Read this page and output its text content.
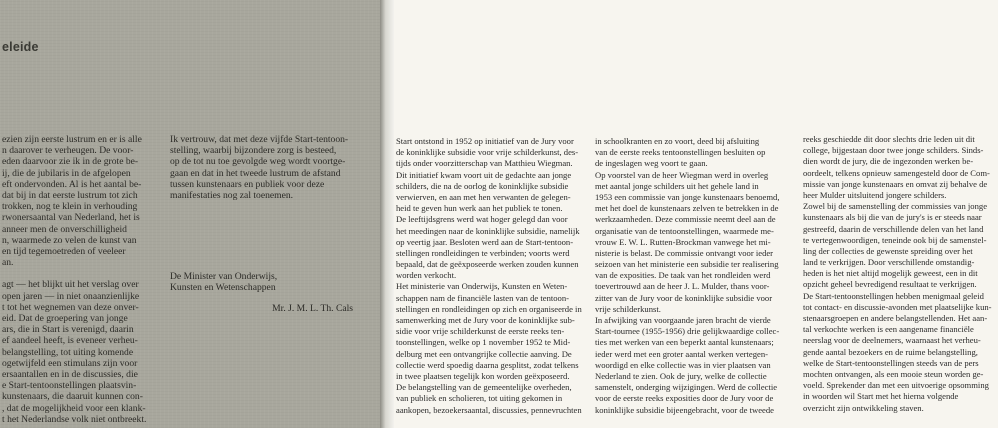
eleide
ezien zijn eerste lustrum en er is alle
n daarover te verheugen. De voor-
eden daarvoor zie ik in de grote be-
ij, die de jubilaris in de afgelopen
eft ondervonden. Al is het aantal be-
dat bij in dat eerste lustrum tot zich
trokken, nog te klein in verhouding
rwonersaantal van Nederland, het is
anneer men de onverschilligheid
n, waarmede zo velen de kunst van
en tijd tegemoetreden of veeleer
an.

agt — het blijkt uit het verslag over
open jaren — in niet onaanzienlijke
t tot het wegnemen van deze onver-
eid. Dat de groepering van jonge
ars, die in Start is verenigd, daarin
ef aandeel heeft, is eveneer verheu-
belangstelling, tot uiting komende
ogetwijfeld een stimulans zijn voor
ersaantallen en in de discussies, die
e Start-tentoonstellingen plaatsvin-
kunstenaars, die daaruit kunnen con-
, dat de mogelijkheid voor een klank-
t het Nederlandse volk niet ontbreekt.
Ik vertrouw, dat met deze vijfde Start-tentoon-
stelling, waarbij bijzondere zorg is besteed,
op de tot nu toe gevolgde weg wordt voortge-
gaan en dat in het tweede lustrum de afstand
tussen kunstenaars en publiek voor deze
manifestaties nog zal toenemen.
De Minister van Onderwijs,
Kunsten en Wetenschappen
Mr. J. M. L. Th. Cals
Start ontstond in 1952 op initiatief van de Jury voor
de koninklijke subsidie voor vrije schilderkunst, des-
tijds onder voorzitterschap van Matthieu Wiegman.
Dit initiatief kwam voort uit de gedachte aan jonge
schilders, die na de oorlog de koninklijke subsidie
verwierven, en aan met hen verwanten de gelegen-
heid te geven hun werk aan het publiek te tonen.
De leeftijdsgrens werd wat hoger gelegd dan voor
het meedingen naar de koninklijke subsidie, namelijk
op veertig jaar. Besloten werd aan de Start-tentoon-
stellingen rondleidingen te verbinden; voorts werd
bepaald, dat de geëxposeerde werken zouden kunnen
worden verkocht.
Het ministerie van Onderwijs, Kunsten en Weten-
schappen nam de financiële lasten van de tentoon-
stellingen en rondleidingen op zich en organiseerde in
samenwerking met de Jury voor de koninklijke sub-
sidie voor vrije schilderkunst de eerste reeks ten-
toonstellingen, welke op 1 november 1952 te Mid-
delburg met een ontvangrijke collectie aanving. De
collectie werd spoedig daarna gesplitst, zodat telkens
in twee plaatsen tegelijk kon worden geëxposeerd.
De belangstelling van de gemeentelijke overheden,
van publiek en scholieren, tot uiting gekomen in
aankopen, bezoekersaantal, discussies, pennevruchten
in schoolkranten en zo voort, deed bij afsluiting
van de eerste reeks tentoonstellingen besluiten op
de ingeslagen weg voort te gaan.
Op voorstel van de heer Wiegman werd in overleg
met aantal jonge schilders uit het gehele land in
1953 een commissie van jonge kunstenaars benoemd,
met het doel de kunstenaars zelven te betrekken in de
werkzaamheden. Deze commissie neemt deel aan de
organisatie van de tentoonstellingen, waarmede me-
vrouw E. W. L. Rutten-Brockman vanwege het mi-
nisterie is belast. De commissie ontvangt voor ieder
seizoen van het ministerie een subsidie ter realisering
van de exposities. De taak van het rondleiden werd
toevertrouwd aan de heer J. L. Mulder, thans voor-
zitter van de Jury voor de koninklijke subsidie voor
vrije schilderkunst.
In afwijking van voorgaande jaren bracht de vierde
Start-tournee (1955-1956) drie gelijkwaardige collec-
ties met werken van een beperkt aantal kunstenaars;
ieder werd met een groter aantal werken vertegen-
woordigd en elke collectie was in vier plaatsen van
Nederland te zien. Ook de jury, welke de collectie
samenstelt, onderging wijzigingen. Werd de collectie
voor de eerste reeks exposities door de Jury voor de
koninklijke subsidie bijeengebracht, voor de tweede
reeks geschiedde dit door slechts drie leden uit dit
college, bijgestaan door twee jonge schilders. Sinds-
dien wordt de jury, die de ingezonden werken be-
oordeelt, telkens opnieuw samengesteld door de Com-
missie van jonge kunstenaars en omvat zij behalve de
heer Mulder uitsluitend jongere schilders.
Zowel bij de samenstelling der commissies van jonge
kunstenaars als bij die van de jury's is er steeds naar
gestreefd, daarin de verschillende delen van het land
te vertegenwoordigen, teneinde ook bij de samenstel-
ling der collecties de gewenste spreiding over het
land te verkrijgen. Door verschillende omstandig-
heden is het niet altijd mogelijk geweest, een in dit
opzicht geheel bevredigend resultaat te verkrijgen.
De Start-tentoonstellingen hebben menigmaal geleid
tot contact- en discussie-avonden met plaatselijke kun-
stenaarsgroepen en andere belangstellenden. Het aan-
tal verkochte werken is een aangename financiële
neerslag voor de deelnemers, waarnaast het verheu-
gende aantal bezoekers en de ruime belangstelling,
welke de Start-tentoonstellingen steeds van de pers
mochten ontvangen, als een mooie steun worden ge-
voeld. Sprekender dan met een uitvoerige opsomming
in woorden wil Start met het hierna volgende
overzicht zijn ontwikkeling staven.
